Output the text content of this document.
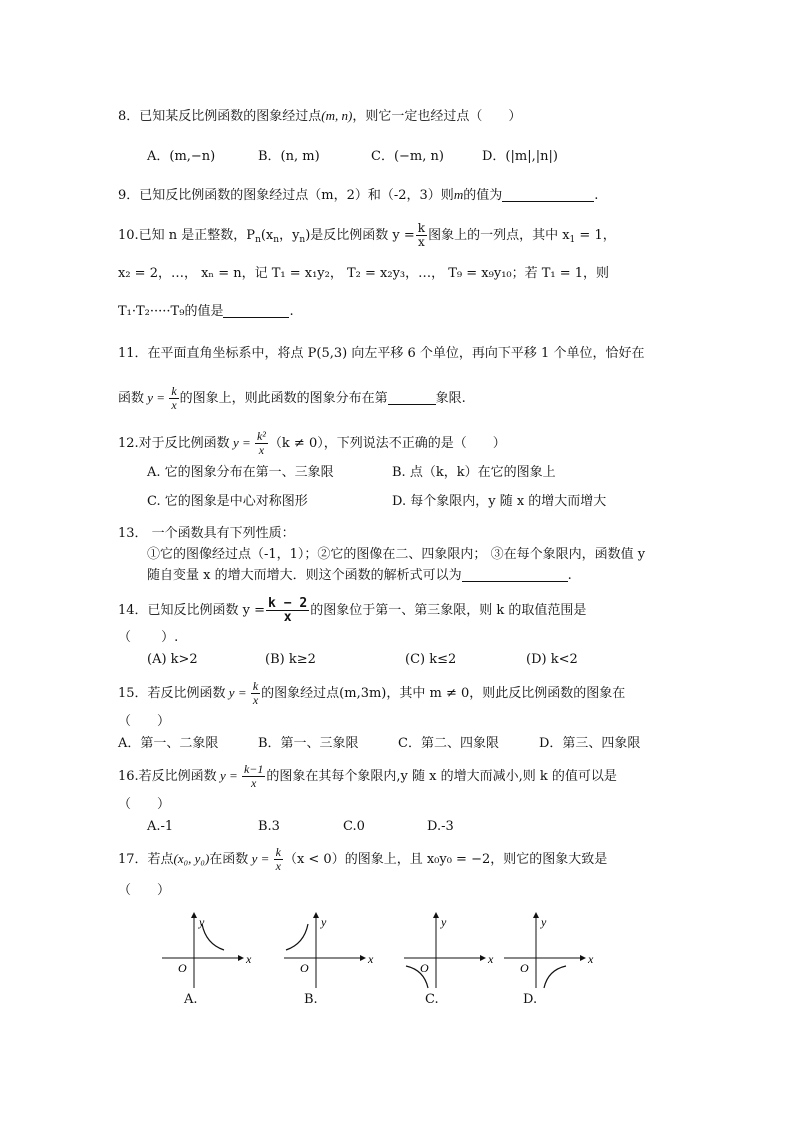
8．已知某反比例函数的图象经过点(m, n)，则它一定也经过点（　　）
A．(m,−n)	B．(n, m)	C．(−m, n)	D．(|m|,|n|)
9．已知反比例函数的图象经过点（m，2）和（-2，3）则m的值为	.
10.已知 n 是正整数，$P_n(x_n$，$y_n$)是反比例函数 $y = \frac{k}{x}$ 图象上的一列点，其中 $x_1 = 1$，
x₂ = 2，…， xₙ = n，记 T₁ = x₁y₂， T₂ = x₂y₃，…， T₉ = x₉y₁₀；若 T₁ = 1，则
T₁·T₂·····T₉的值是	.
11．在平面直角坐标系中，将点 P(5,3) 向左平移 6 个单位，再向下平移 1 个单位，恰好在
函数 $y = \frac{k}{x}$ 的图象上，则此函数的图象分布在第	象限.
12.对于反比例函数 $y = \frac{\text{k²}}{x} (k \ne 0)$，下列说法不正确的是（　　）
A. 它的图象分布在第一、三象限	B. 点（k，k）在它的图象上
C. 它的图象是中心对称图形	D. 每个象限内，y 随 x 的增大而增大
13． 一个函数具有下列性质：
①它的图像经过点（-1，1）；②它的图像在二、四象限内； ③在每个象限内，函数值 y
随自变量 x 的增大而增大．则这个函数的解析式可以为	.
14．已知反比例函数 $y = \frac{k - 2}{x}$ 的图象位于第一、第三象限，则 k 的取值范围是
（　　 ）.
(A) k>2	(B) k≥2	(C) k≤2	(D) k<2
15．若反比例函数 $y = \frac{k}{x}$ 的图象经过点(m,3m)，其中 m ≠ 0，则此反比例函数的图象在
（　　）
A．第一、二象限	B．第一、三象限	C．第二、四象限	D．第三、四象限
16.若反比例函数 $y = \frac{k-1}{x}$ 的图象在其每个象限内,y 随 x 的增大而减小,则 k 的值可以是
（　　）
A.-1	B.3	C.0	D.-3
17．若点(x₀, y₀)在函数 $y = \frac{k}{x} (x < 0)$的图象上，且 x₀y₀ = −2，则它的图象大致是
（　　）
y
x
O
y
x
O
y
x
O
y
x
O
A.	B.	C.	D.
